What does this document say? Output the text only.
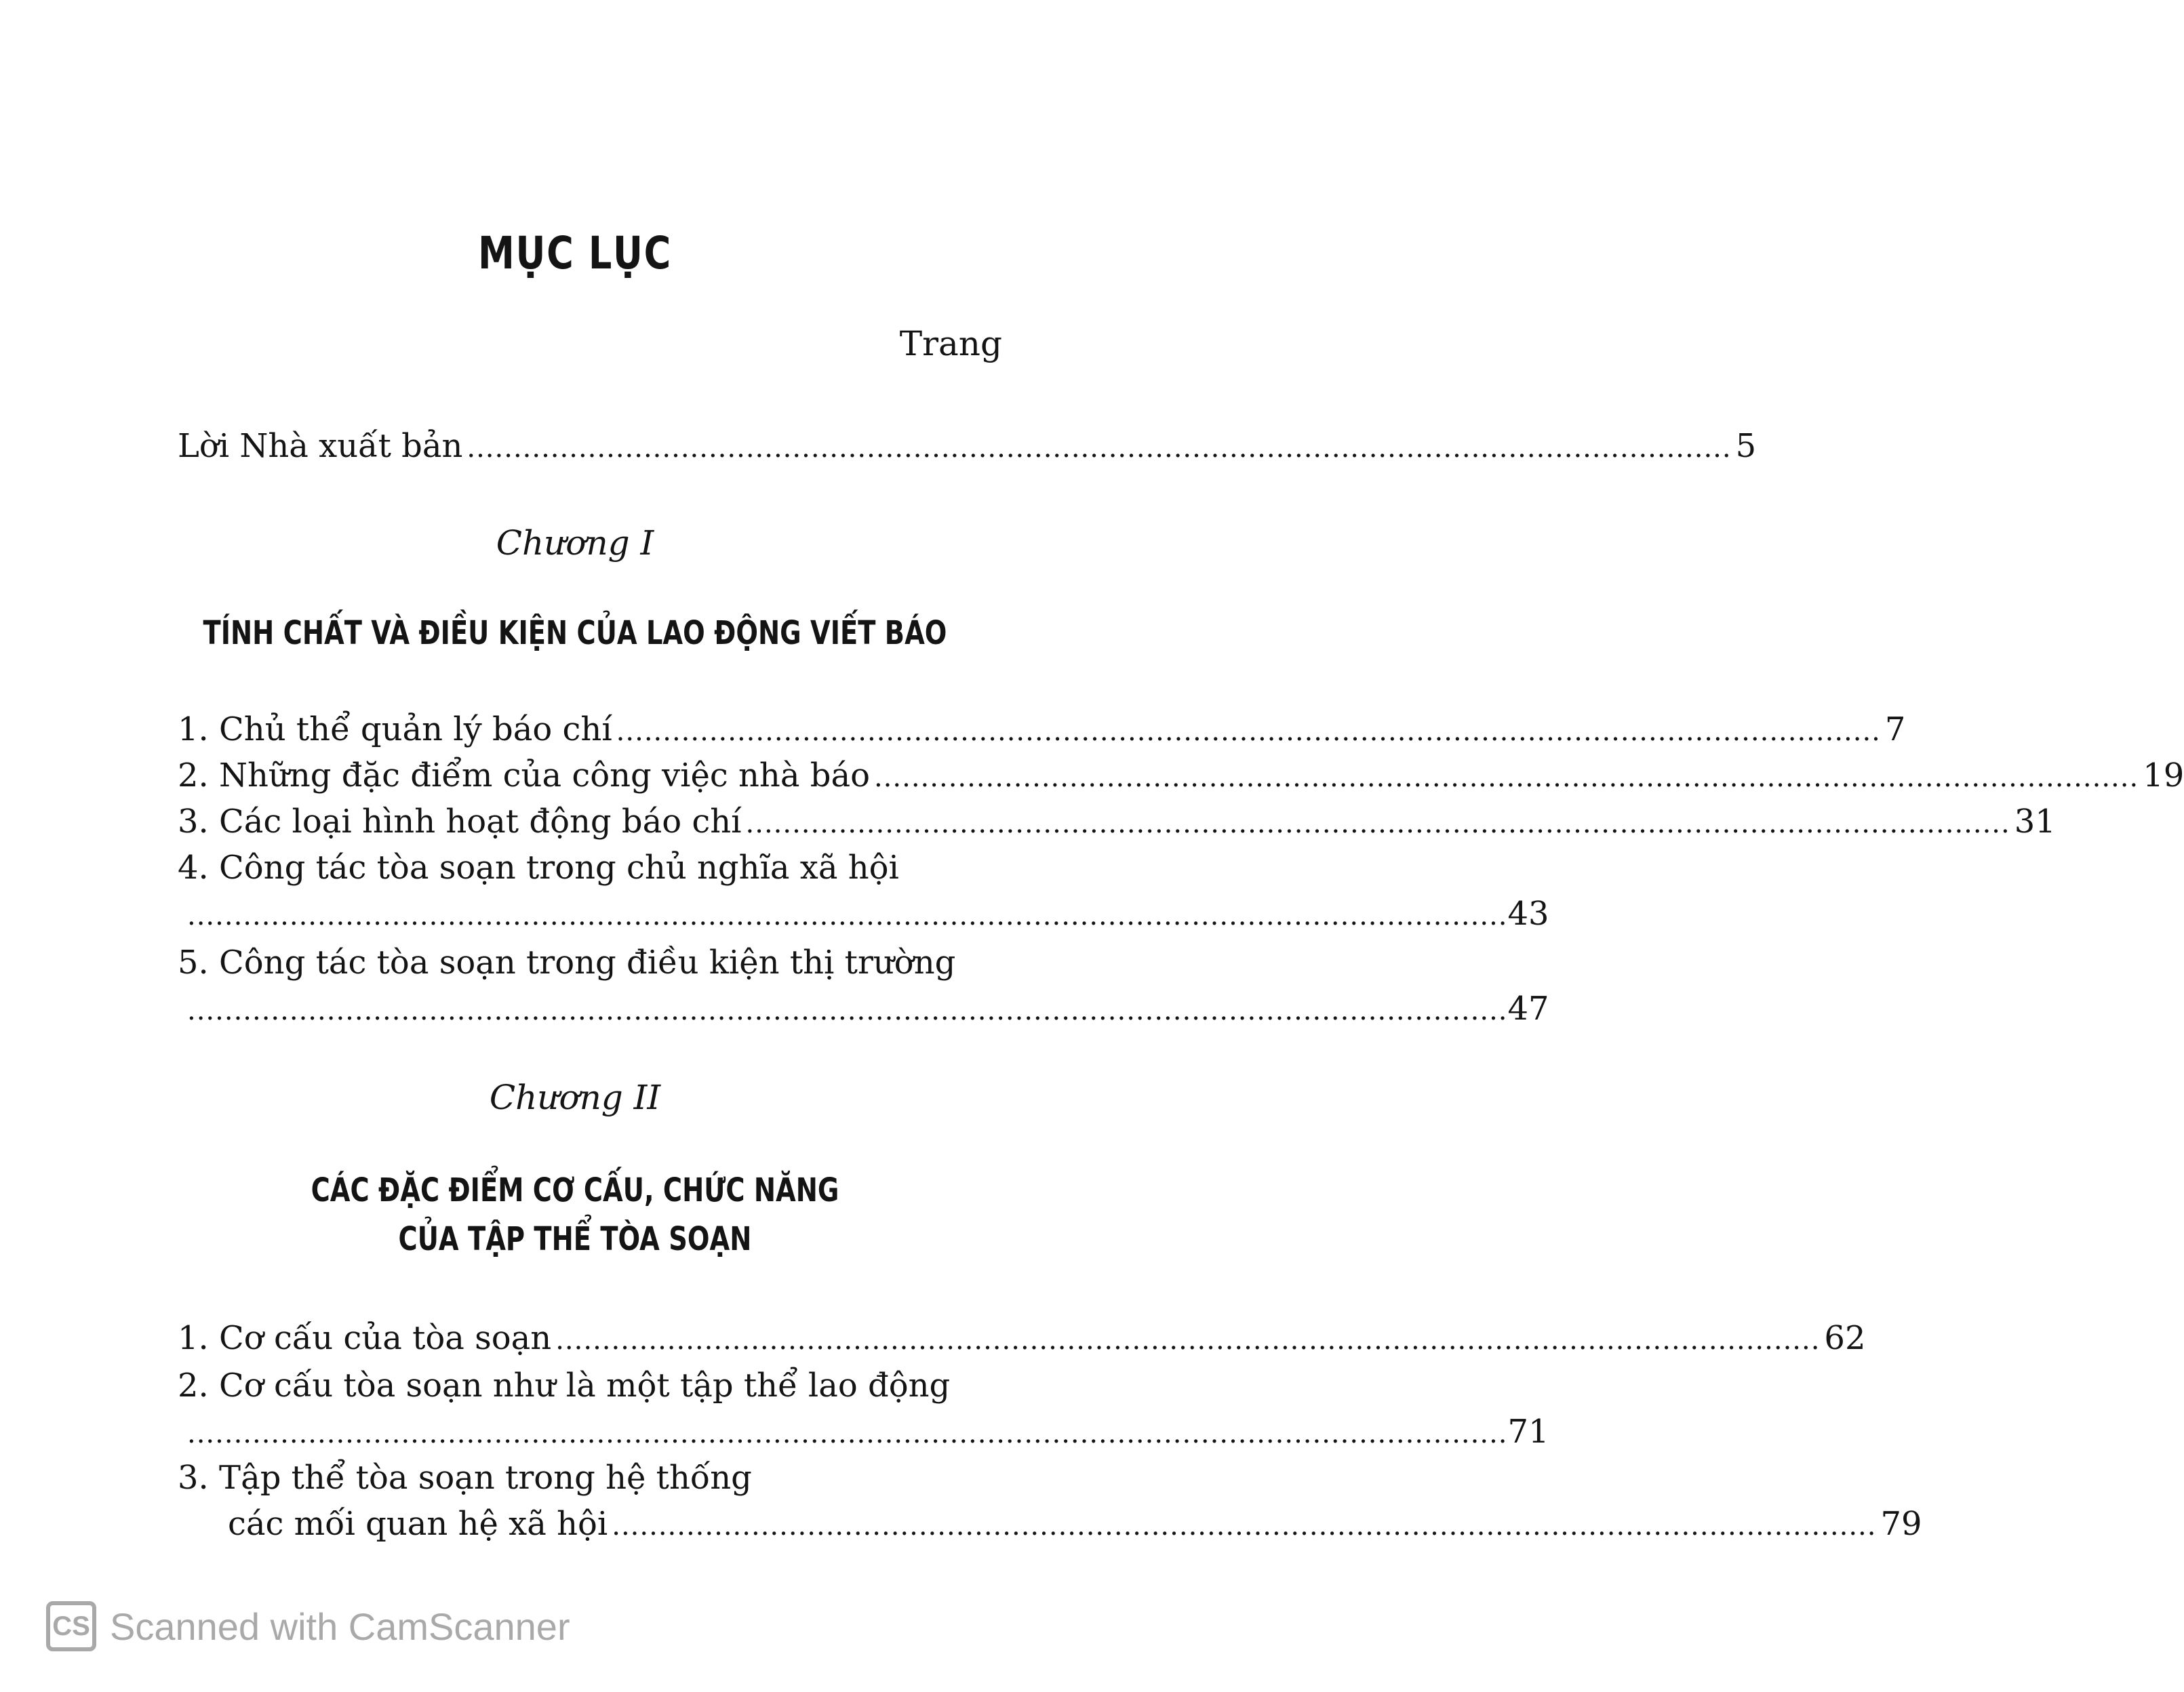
MỤC LỤC
Trang
Lời Nhà xuất bản ........................................................................................................................................ 5
Chương I
TÍNH CHẤT VÀ ĐIỀU KIỆN CỦA LAO ĐỘNG VIẾT BÁO
1. Chủ thể quản lý báo chí ........................................................................................................................................ 7
2. Những đặc điểm của công việc nhà báo ........................................................................................................................................ 19
3. Các loại hình hoạt động báo chí ........................................................................................................................................ 31
4. Công tác tòa soạn trong chủ nghĩa xã hội
.............................................................................................................................................. 43
5. Công tác tòa soạn trong điều kiện thị trường
.............................................................................................................................................. 47
Chương II
CÁC ĐẶC ĐIỂM CƠ CẤU, CHỨC NĂNG
CỦA TẬP THỂ TÒA SOẠN
1. Cơ cấu của tòa soạn ........................................................................................................................................ 62
2. Cơ cấu tòa soạn như là một tập thể lao động
.............................................................................................................................................. 71
3. Tập thể tòa soạn trong hệ thống
các mối quan hệ xã hội ........................................................................................................................................ 79
CS Scanned with CamScanner
